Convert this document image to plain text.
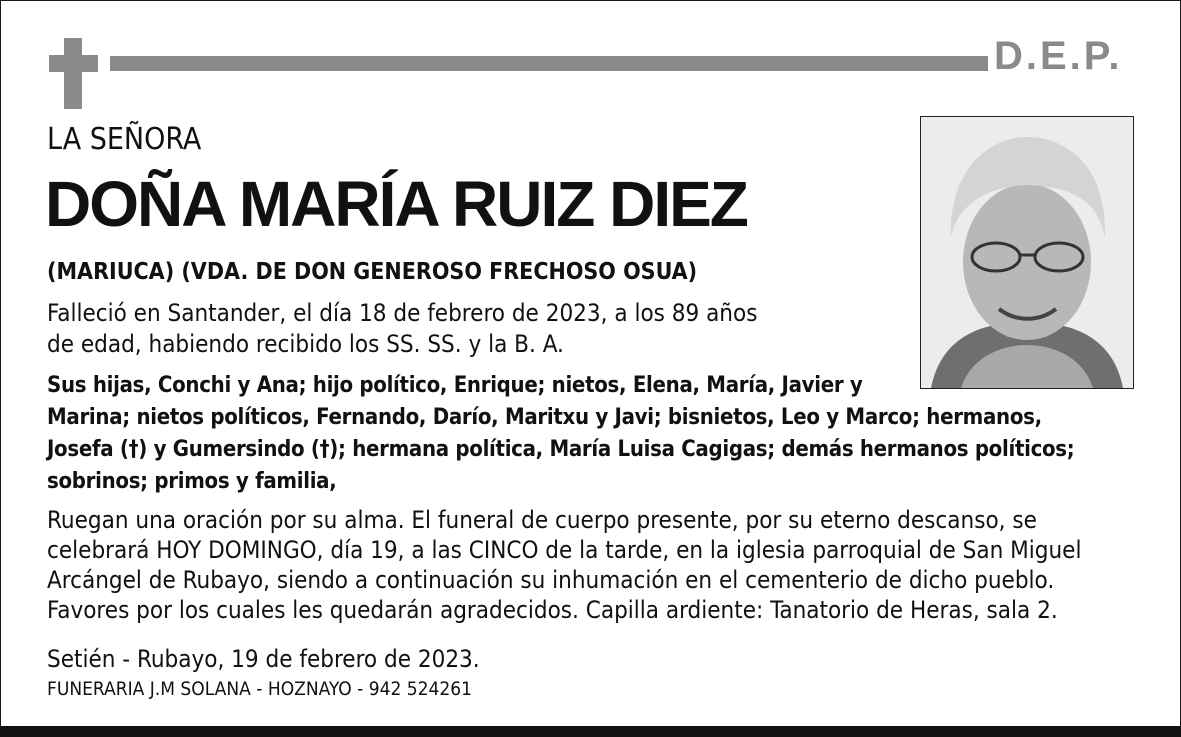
D.E.P.
LA SEÑORA
DOÑA MARÍA RUIZ DIEZ
(MARIUCA) (VDA. DE DON GENEROSO FRECHOSO OSUA)
Falleció en Santander, el día 18 de febrero de 2023, a los 89 años
de edad, habiendo recibido los SS. SS. y la B. A.
Sus hijas, Conchi y Ana; hijo político, Enrique; nietos, Elena, María, Javier y
Marina; nietos políticos, Fernando, Darío, Maritxu y Javi; bisnietos, Leo y Marco; hermanos,
Josefa (†) y Gumersindo (†); hermana política, María Luisa Cagigas; demás hermanos políticos;
sobrinos; primos y familia,
Ruegan una oración por su alma. El funeral de cuerpo presente, por su eterno descanso, se
celebrará HOY DOMINGO, día 19, a las CINCO de la tarde, en la iglesia parroquial de San Miguel
Arcángel de Rubayo, siendo a continuación su inhumación en el cementerio de dicho pueblo.
Favores por los cuales les quedarán agradecidos. Capilla ardiente: Tanatorio de Heras, sala 2.
Setién - Rubayo, 19 de febrero de 2023.
FUNERARIA J.M SOLANA - HOZNAYO - 942 524261
